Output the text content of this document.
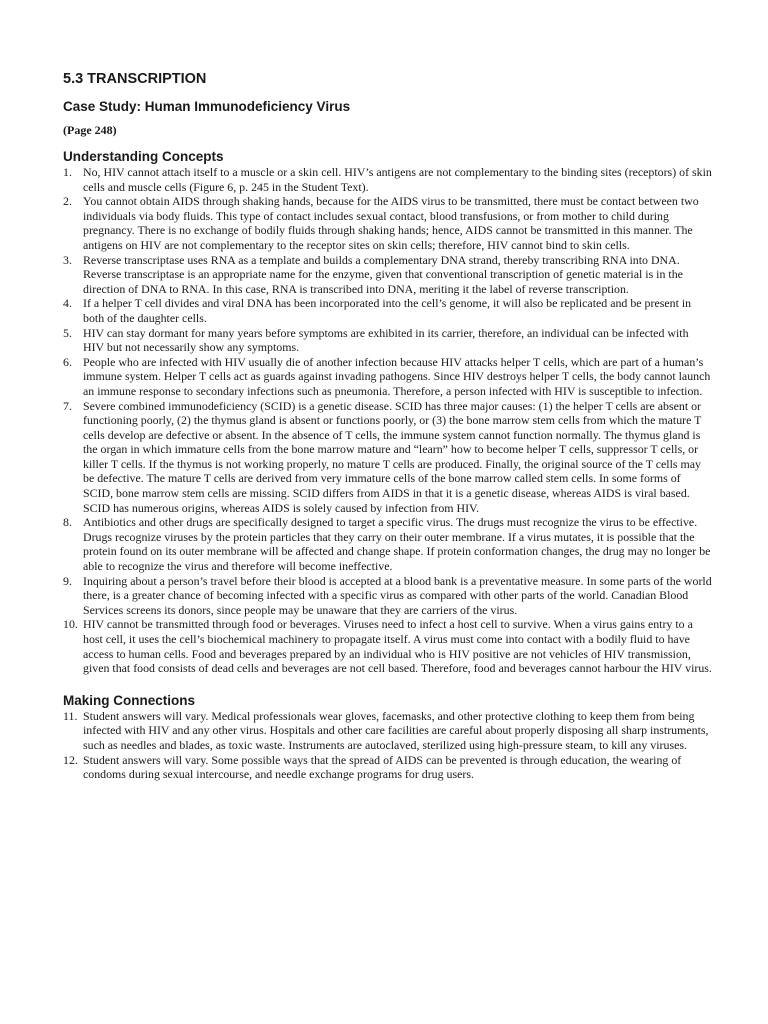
5.3 TRANSCRIPTION
Case Study: Human Immunodeficiency Virus
(Page 248)
Understanding Concepts
1. No, HIV cannot attach itself to a muscle or a skin cell. HIV’s antigens are not complementary to the binding sites (receptors) of skin cells and muscle cells (Figure 6, p. 245 in the Student Text).
2. You cannot obtain AIDS through shaking hands, because for the AIDS virus to be transmitted, there must be contact between two individuals via body fluids. This type of contact includes sexual contact, blood transfusions, or from mother to child during pregnancy. There is no exchange of bodily fluids through shaking hands; hence, AIDS cannot be transmitted in this manner. The antigens on HIV are not complementary to the receptor sites on skin cells; therefore, HIV cannot bind to skin cells.
3. Reverse transcriptase uses RNA as a template and builds a complementary DNA strand, thereby transcribing RNA into DNA. Reverse transcriptase is an appropriate name for the enzyme, given that conventional transcription of genetic material is in the direction of DNA to RNA. In this case, RNA is transcribed into DNA, meriting it the label of reverse transcription.
4. If a helper T cell divides and viral DNA has been incorporated into the cell’s genome, it will also be replicated and be present in both of the daughter cells.
5. HIV can stay dormant for many years before symptoms are exhibited in its carrier, therefore, an individual can be infected with HIV but not necessarily show any symptoms.
6. People who are infected with HIV usually die of another infection because HIV attacks helper T cells, which are part of a human’s immune system. Helper T cells act as guards against invading pathogens. Since HIV destroys helper T cells, the body cannot launch an immune response to secondary infections such as pneumonia. Therefore, a person infected with HIV is susceptible to infection.
7. Severe combined immunodeficiency (SCID) is a genetic disease. SCID has three major causes: (1) the helper T cells are absent or functioning poorly, (2) the thymus gland is absent or functions poorly, or (3) the bone marrow stem cells from which the mature T cells develop are defective or absent. In the absence of T cells, the immune system cannot function normally. The thymus gland is the organ in which immature cells from the bone marrow mature and “learn” how to become helper T cells, suppressor T cells, or killer T cells. If the thymus is not working properly, no mature T cells are produced. Finally, the original source of the T cells may be defective. The mature T cells are derived from very immature cells of the bone marrow called stem cells. In some forms of SCID, bone marrow stem cells are missing. SCID differs from AIDS in that it is a genetic disease, whereas AIDS is viral based. SCID has numerous origins, whereas AIDS is solely caused by infection from HIV.
8. Antibiotics and other drugs are specifically designed to target a specific virus. The drugs must recognize the virus to be effective. Drugs recognize viruses by the protein particles that they carry on their outer membrane. If a virus mutates, it is possible that the protein found on its outer membrane will be affected and change shape. If protein conformation changes, the drug may no longer be able to recognize the virus and therefore will become ineffective.
9. Inquiring about a person’s travel before their blood is accepted at a blood bank is a preventative measure. In some parts of the world there, is a greater chance of becoming infected with a specific virus as compared with other parts of the world. Canadian Blood Services screens its donors, since people may be unaware that they are carriers of the virus.
10. HIV cannot be transmitted through food or beverages. Viruses need to infect a host cell to survive. When a virus gains entry to a host cell, it uses the cell’s biochemical machinery to propagate itself. A virus must come into contact with a bodily fluid to have access to human cells. Food and beverages prepared by an individual who is HIV positive are not vehicles of HIV transmission, given that food consists of dead cells and beverages are not cell based. Therefore, food and beverages cannot harbour the HIV virus.
Making Connections
11. Student answers will vary. Medical professionals wear gloves, facemasks, and other protective clothing to keep them from being infected with HIV and any other virus. Hospitals and other care facilities are careful about properly disposing all sharp instruments, such as needles and blades, as toxic waste. Instruments are autoclaved, sterilized using high-pressure steam, to kill any viruses.
12. Student answers will vary. Some possible ways that the spread of AIDS can be prevented is through education, the wearing of condoms during sexual intercourse, and needle exchange programs for drug users.
